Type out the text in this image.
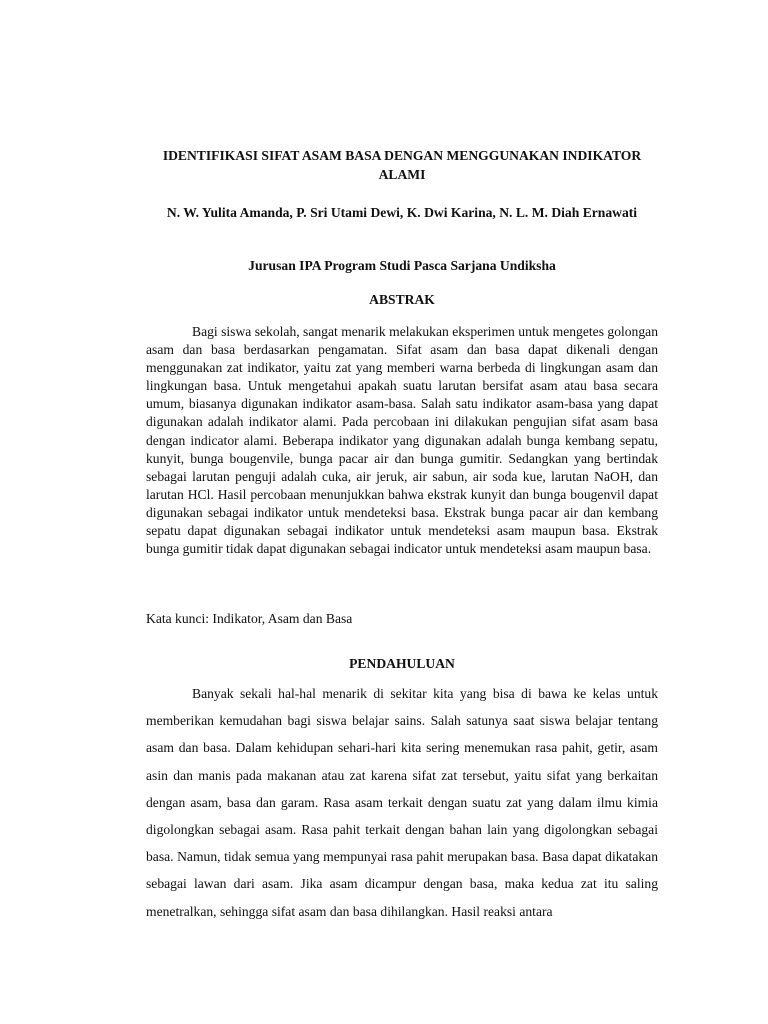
IDENTIFIKASI SIFAT ASAM BASA DENGAN MENGGUNAKAN INDIKATOR ALAMI

N. W. Yulita Amanda, P. Sri Utami Dewi, K. Dwi Karina, N. L. M. Diah Ernawati

Jurusan IPA Program Studi Pasca Sarjana Undiksha

ABSTRAK

Bagi siswa sekolah, sangat menarik melakukan eksperimen untuk mengetes golongan asam dan basa berdasarkan pengamatan. Sifat asam dan basa dapat dikenali dengan menggunakan zat indikator, yaitu zat yang memberi warna berbeda di lingkungan asam dan lingkungan basa. Untuk mengetahui apakah suatu larutan bersifat asam atau basa secara umum, biasanya digunakan indikator asam-basa. Salah satu indikator asam-basa yang dapat digunakan adalah indikator alami. Pada percobaan ini dilakukan pengujian sifat asam basa dengan indicator alami. Beberapa indikator yang digunakan adalah bunga kembang sepatu, kunyit, bunga bougenvile, bunga pacar air dan bunga gumitir. Sedangkan yang bertindak sebagai larutan penguji adalah cuka, air jeruk, air sabun, air soda kue, larutan NaOH, dan larutan HCl. Hasil percobaan menunjukkan bahwa ekstrak kunyit dan bunga bougenvil dapat digunakan sebagai indikator untuk mendeteksi basa. Ekstrak bunga pacar air dan kembang sepatu dapat digunakan sebagai indikator untuk mendeteksi asam maupun basa. Ekstrak bunga gumitir tidak dapat digunakan sebagai indicator untuk mendeteksi asam maupun basa.

Kata kunci: Indikator, Asam dan Basa

PENDAHULUAN

Banyak sekali hal-hal menarik di sekitar kita yang bisa di bawa ke kelas untuk memberikan kemudahan bagi siswa belajar sains. Salah satunya saat siswa belajar tentang asam dan basa. Dalam kehidupan sehari-hari kita sering menemukan rasa pahit, getir, asam asin dan manis pada makanan atau zat karena sifat zat tersebut, yaitu sifat yang berkaitan dengan asam, basa dan garam. Rasa asam terkait dengan suatu zat yang dalam ilmu kimia digolongkan sebagai asam. Rasa pahit terkait dengan bahan lain yang digolongkan sebagai basa. Namun, tidak semua yang mempunyai rasa pahit merupakan basa. Basa dapat dikatakan sebagai lawan dari asam. Jika asam dicampur dengan basa, maka kedua zat itu saling menetralkan, sehingga sifat asam dan basa dihilangkan. Hasil reaksi antara
